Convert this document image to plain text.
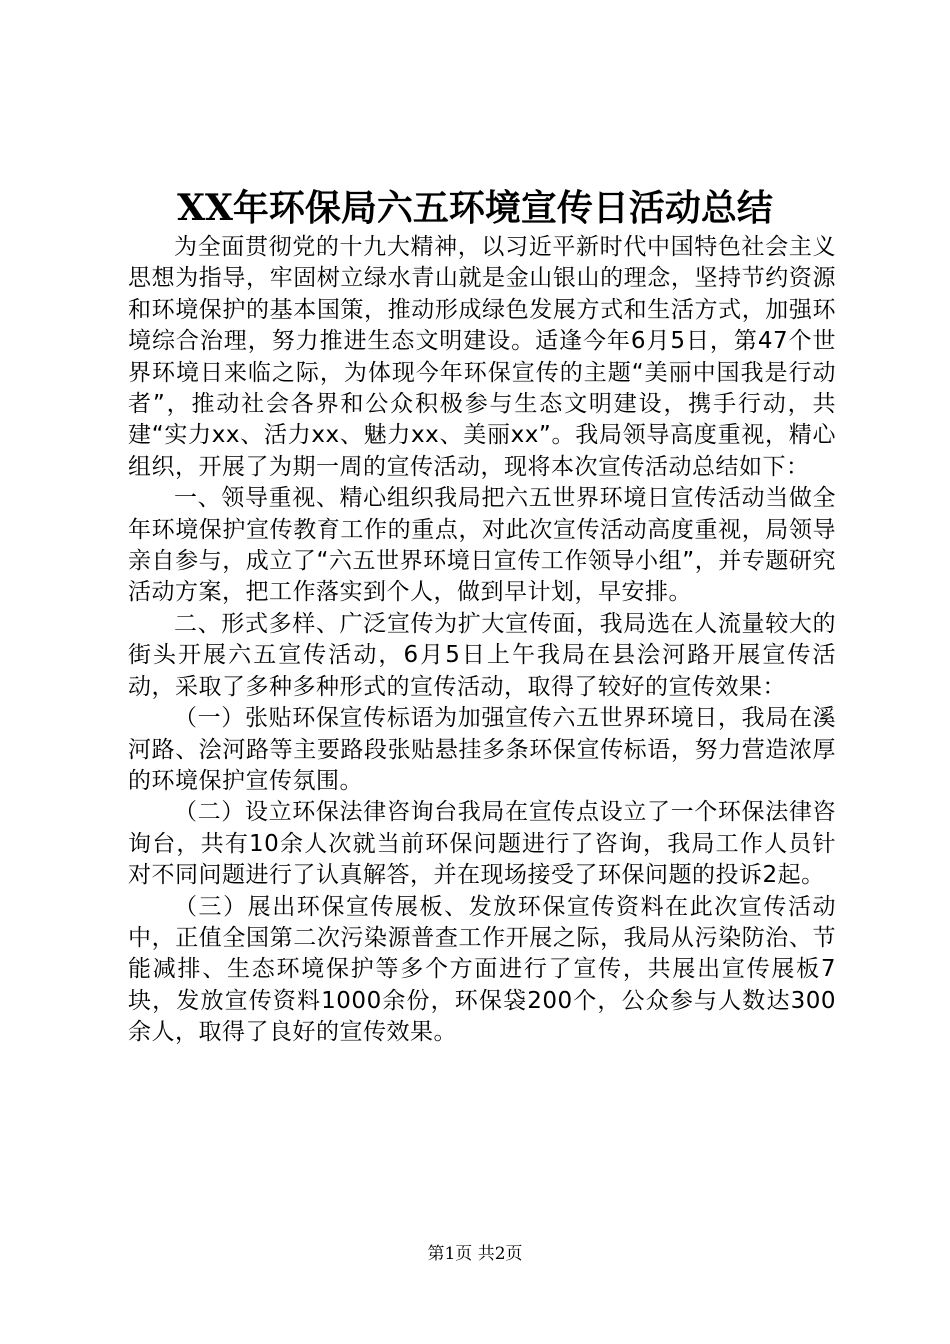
XX年环保局六五环境宣传日活动总结

为全面贯彻党的十九大精神，以习近平新时代中国特色社会主义思想为指导，牢固树立绿水青山就是金山银山的理念，坚持节约资源和环境保护的基本国策，推动形成绿色发展方式和生活方式，加强环境综合治理，努力推进生态文明建设。适逢今年6月5日，第47个世界环境日来临之际，为体现今年环保宣传的主题“美丽中国我是行动者”，推动社会各界和公众积极参与生态文明建设，携手行动，共建“实力xx、活力xx、魅力xx、美丽xx”。我局领导高度重视，精心组织，开展了为期一周的宣传活动，现将本次宣传活动总结如下：

一、领导重视、精心组织我局把六五世界环境日宣传活动当做全年环境保护宣传教育工作的重点，对此次宣传活动高度重视，局领导亲自参与，成立了“六五世界环境日宣传工作领导小组”，并专题研究活动方案，把工作落实到个人，做到早计划，早安排。

二、形式多样、广泛宣传为扩大宣传面，我局选在人流量较大的街头开展六五宣传活动，6月5日上午我局在县浍河路开展宣传活动，采取了多种多种形式的宣传活动，取得了较好的宣传效果：

（一）张贴环保宣传标语为加强宣传六五世界环境日，我局在溪河路、浍河路等主要路段张贴悬挂多条环保宣传标语，努力营造浓厚的环境保护宣传氛围。

（二）设立环保法律咨询台我局在宣传点设立了一个环保法律咨询台，共有10余人次就当前环保问题进行了咨询，我局工作人员针对不同问题进行了认真解答，并在现场接受了环保问题的投诉2起。

（三）展出环保宣传展板、发放环保宣传资料在此次宣传活动中，正值全国第二次污染源普查工作开展之际，我局从污染防治、节能减排、生态环境保护等多个方面进行了宣传，共展出宣传展板7块，发放宣传资料1000余份，环保袋200个，公众参与人数达300余人，取得了良好的宣传效果。

第1页 共2页
